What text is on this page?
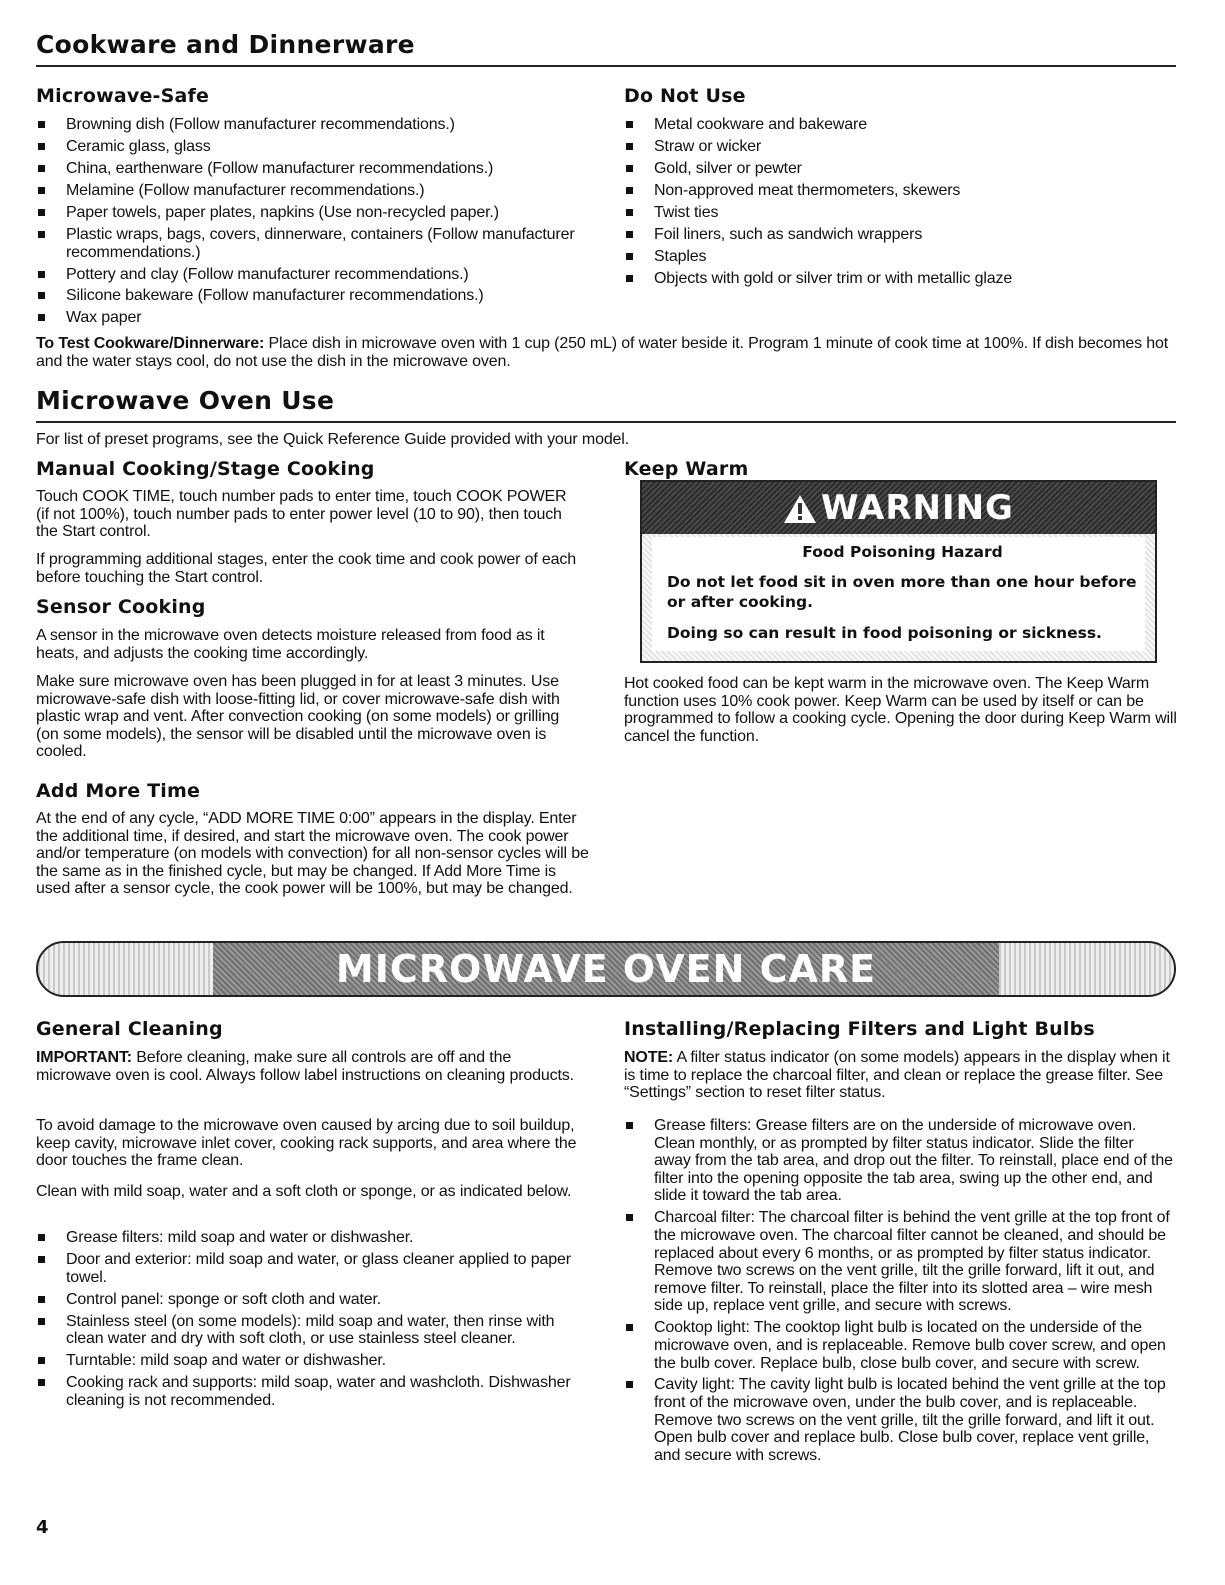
Cookware and Dinnerware
Microwave-Safe
Browning dish (Follow manufacturer recommendations.)
Ceramic glass, glass
China, earthenware (Follow manufacturer recommendations.)
Melamine (Follow manufacturer recommendations.)
Paper towels, paper plates, napkins (Use non-recycled paper.)
Plastic wraps, bags, covers, dinnerware, containers (Follow manufacturer recommendations.)
Pottery and clay (Follow manufacturer recommendations.)
Silicone bakeware (Follow manufacturer recommendations.)
Wax paper
Do Not Use
Metal cookware and bakeware
Straw or wicker
Gold, silver or pewter
Non-approved meat thermometers, skewers
Twist ties
Foil liners, such as sandwich wrappers
Staples
Objects with gold or silver trim or with metallic glaze

To Test Cookware/Dinnerware: Place dish in microwave oven with 1 cup (250 mL) of water beside it. Program 1 minute of cook time at 100%. If dish becomes hot and the water stays cool, do not use the dish in the microwave oven.

Microwave Oven Use

For list of preset programs, see the Quick Reference Guide provided with your model.

Manual Cooking/Stage Cooking

Touch COOK TIME, touch number pads to enter time, touch COOK POWER (if not 100%), touch number pads to enter power level (10 to 90), then touch the Start control.

If programming additional stages, enter the cook time and cook power of each before touching the Start control.

Sensor Cooking

A sensor in the microwave oven detects moisture released from food as it heats, and adjusts the cooking time accordingly.

Make sure microwave oven has been plugged in for at least 3 minutes. Use microwave-safe dish with loose-fitting lid, or cover microwave-safe dish with plastic wrap and vent. After convection cooking (on some models) or grilling (on some models), the sensor will be disabled until the microwave oven is cooled.

Add More Time

At the end of any cycle, “ADD MORE TIME 0:00” appears in the display. Enter the additional time, if desired, and start the microwave oven. The cook power and/or temperature (on models with convection) for all non-sensor cycles will be the same as in the finished cycle, but may be changed. If Add More Time is used after a sensor cycle, the cook power will be 100%, but may be changed.

Keep Warm
WARNING
Food Poisoning Hazard
Do not let food sit in oven more than one hour before or after cooking.
Doing so can result in food poisoning or sickness.

Hot cooked food can be kept warm in the microwave oven. The Keep Warm function uses 10% cook power. Keep Warm can be used by itself or can be programmed to follow a cooking cycle. Opening the door during Keep Warm will cancel the function.

MICROWAVE OVEN CARE
General Cleaning

IMPORTANT: Before cleaning, make sure all controls are off and the microwave oven is cool. Always follow label instructions on cleaning products.

To avoid damage to the microwave oven caused by arcing due to soil buildup, keep cavity, microwave inlet cover, cooking rack supports, and area where the door touches the frame clean.

Clean with mild soap, water and a soft cloth or sponge, or as indicated below.

Grease filters: mild soap and water or dishwasher.
Door and exterior: mild soap and water, or glass cleaner applied to paper towel.
Control panel: sponge or soft cloth and water.
Stainless steel (on some models): mild soap and water, then rinse with clean water and dry with soft cloth, or use stainless steel cleaner.
Turntable: mild soap and water or dishwasher.
Cooking rack and supports: mild soap, water and washcloth. Dishwasher cleaning is not recommended.
Installing/Replacing Filters and Light Bulbs

NOTE: A filter status indicator (on some models) appears in the display when it is time to replace the charcoal filter, and clean or replace the grease filter. See “Settings” section to reset filter status.

Grease filters: Grease filters are on the underside of microwave oven. Clean monthly, or as prompted by filter status indicator. Slide the filter away from the tab area, and drop out the filter. To reinstall, place end of the filter into the opening opposite the tab area, swing up the other end, and slide it toward the tab area.
Charcoal filter: The charcoal filter is behind the vent grille at the top front of the microwave oven. The charcoal filter cannot be cleaned, and should be replaced about every 6 months, or as prompted by filter status indicator. Remove two screws on the vent grille, tilt the grille forward, lift it out, and remove filter. To reinstall, place the filter into its slotted area – wire mesh side up, replace vent grille, and secure with screws.
Cooktop light: The cooktop light bulb is located on the underside of the microwave oven, and is replaceable. Remove bulb cover screw, and open the bulb cover. Replace bulb, close bulb cover, and secure with screw.
Cavity light: The cavity light bulb is located behind the vent grille at the top front of the microwave oven, under the bulb cover, and is replaceable. Remove two screws on the vent grille, tilt the grille forward, and lift it out. Open bulb cover and replace bulb. Close bulb cover, replace vent grille, and secure with screws.
4
